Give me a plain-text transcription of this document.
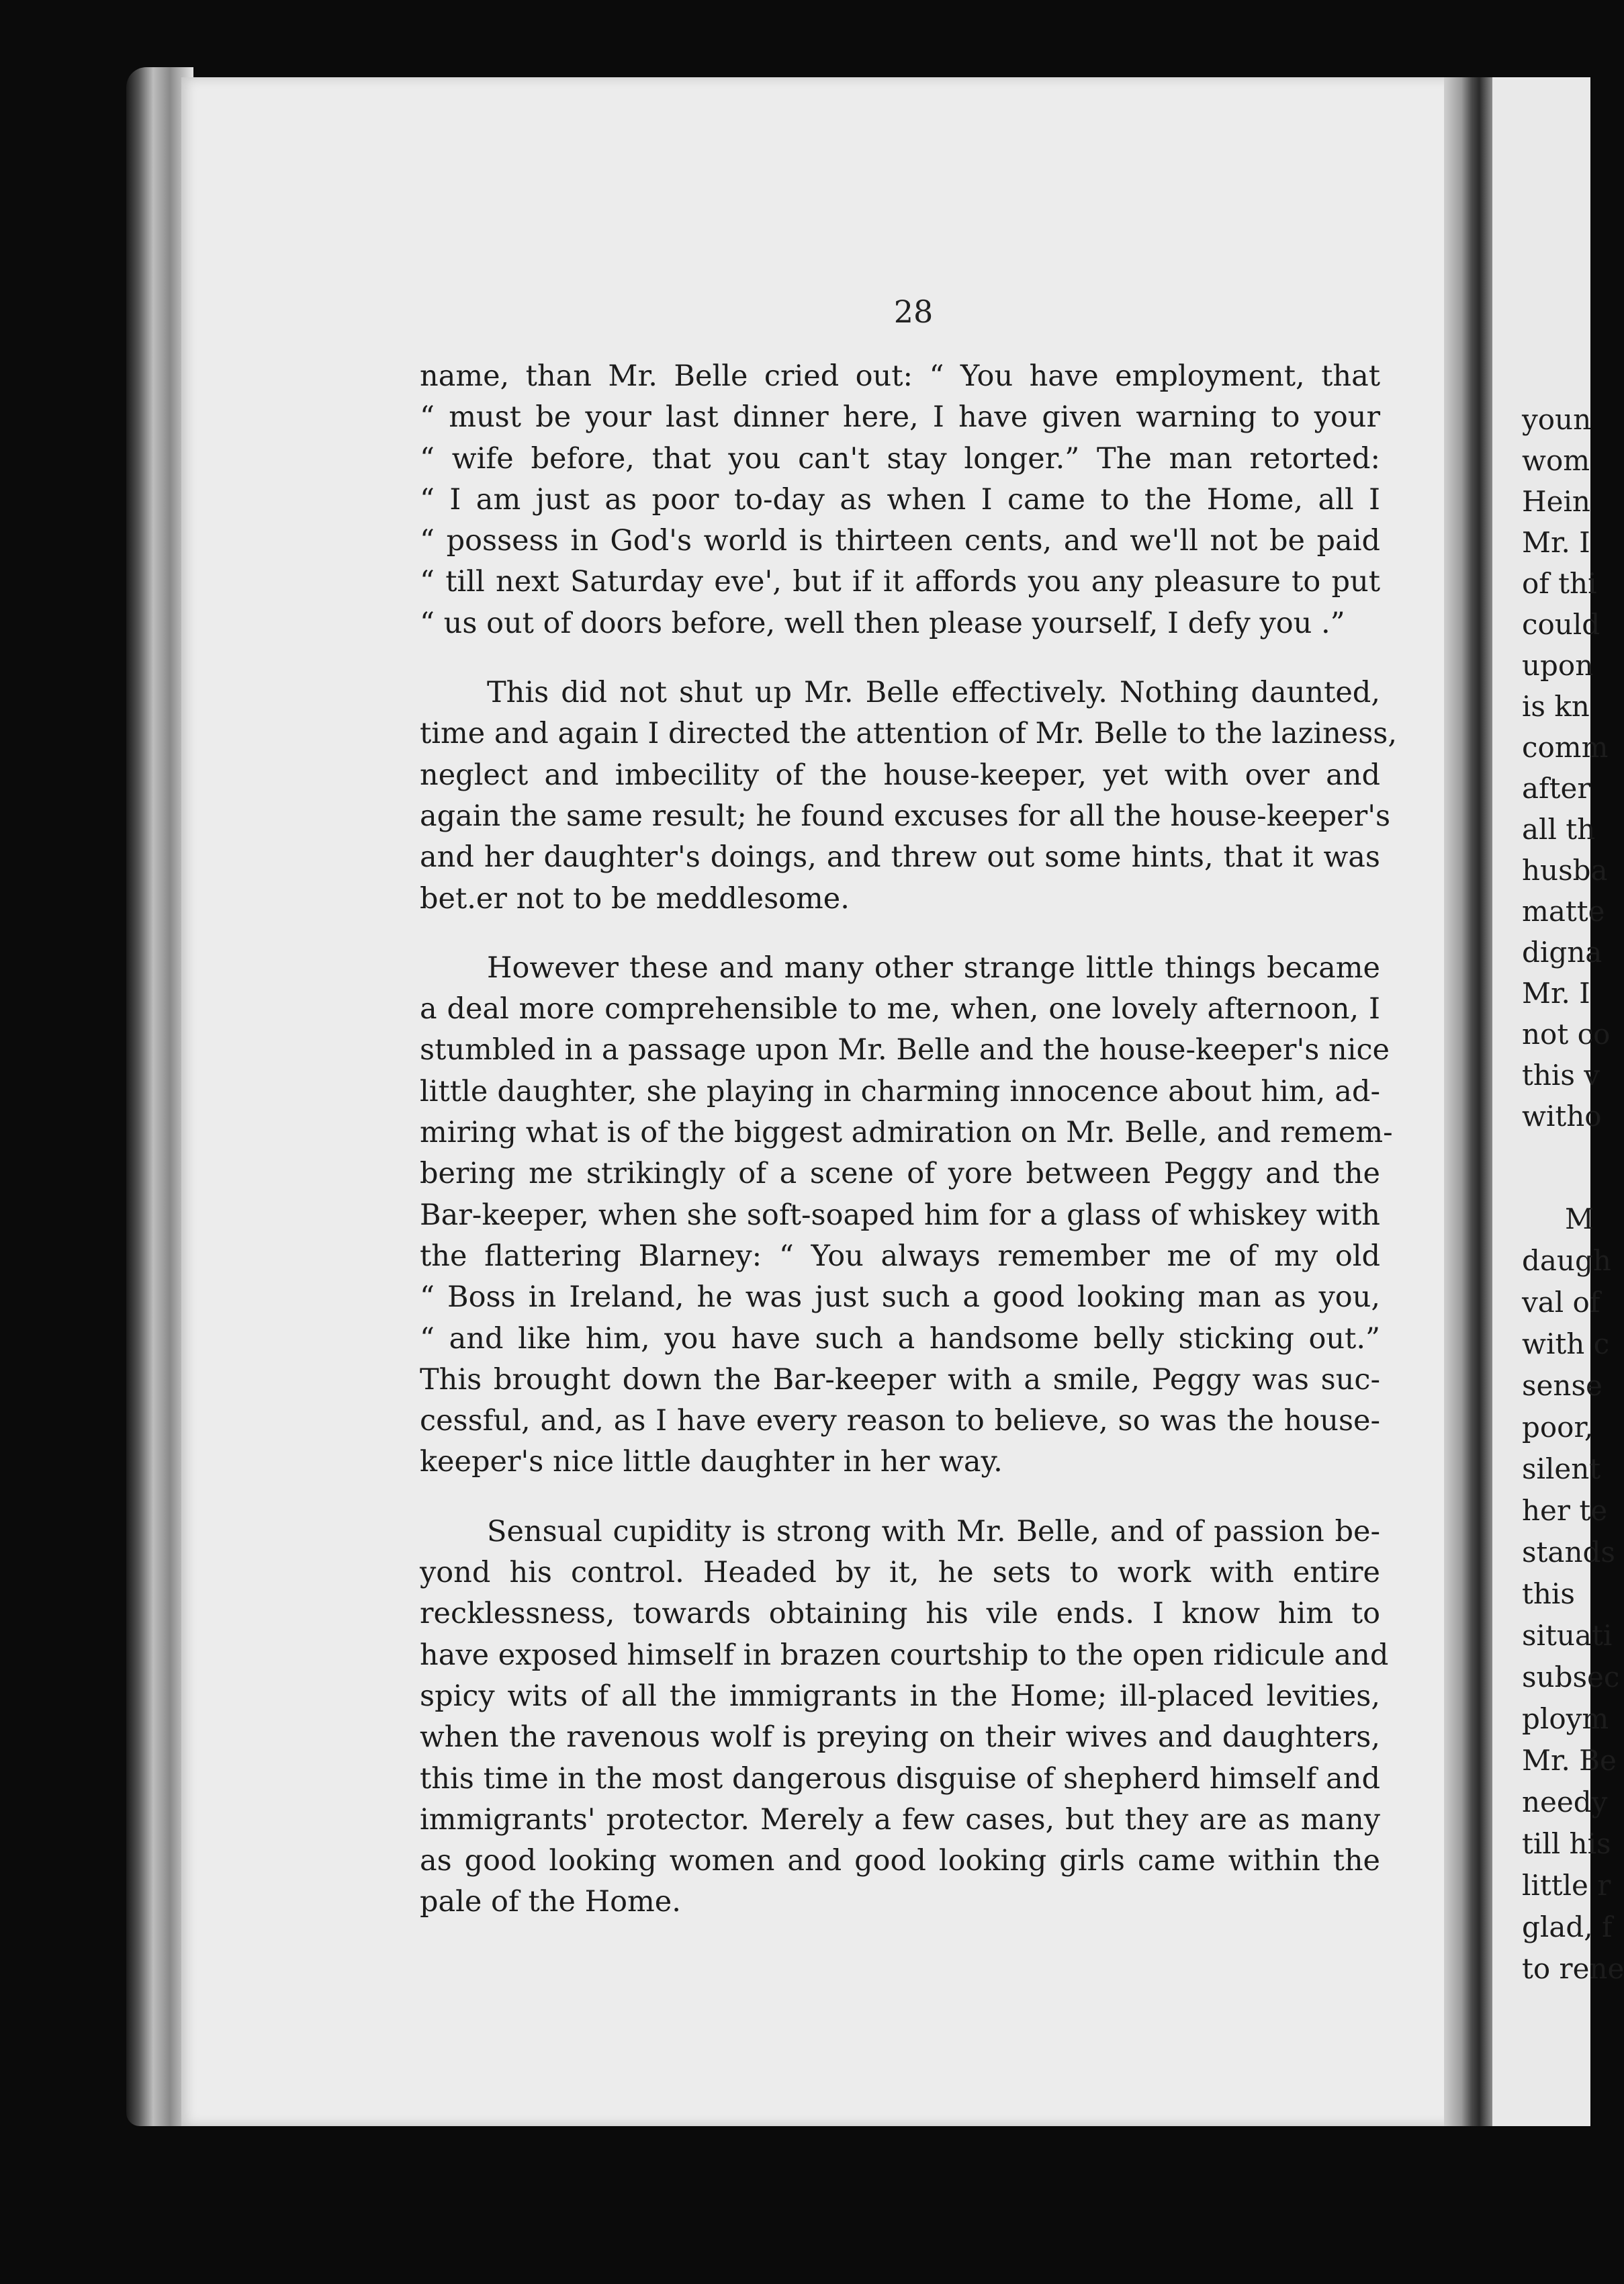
28
name, than Mr. Belle cried out: “ You have employment, that
“ must be your last dinner here, I have given warning to your
“ wife before, that you can't stay longer.” The man retorted:
“ I am just as poor to-day as when I came to the Home, all I
“ possess in God's world is thirteen cents, and we'll not be paid
“ till next Saturday eve', but if it affords you any pleasure to put
“ us out of doors before, well then please yourself, I defy you .”
This did not shut up Mr. Belle effectively. Nothing daunted,
time and again I directed the attention of Mr. Belle to the laziness,
neglect and imbecility of the house-keeper, yet with over and
again the same result; he found excuses for all the house-keeper's
and her daughter's doings, and threw out some hints, that it was
bet.er not to be meddlesome.
However these and many other strange little things became
a deal more comprehensible to me, when, one lovely afternoon, I
stumbled in a passage upon Mr. Belle and the house-keeper's nice
little daughter, she playing in charming innocence about him, ad-
miring what is of the biggest admiration on Mr. Belle, and remem-
bering me strikingly of a scene of yore between Peggy and the
Bar-keeper, when she soft-soaped him for a glass of whiskey with
the flattering Blarney: “ You always remember me of my old
“ Boss in Ireland, he was just such a good looking man as you,
“ and like him, you have such a handsome belly sticking out.”
This brought down the Bar-keeper with a smile, Peggy was suc-
cessful, and, as I have every reason to believe, so was the house-
keeper's nice little daughter in her way.
Sensual cupidity is strong with Mr. Belle, and of passion be-
yond his control. Headed by it, he sets to work with entire
recklessness, towards obtaining his vile ends. I know him to
have exposed himself in brazen courtship to the open ridicule and
spicy wits of all the immigrants in the Home; ill-placed levities,
when the ravenous wolf is preying on their wives and daughters,
this time in the most dangerous disguise of shepherd himself and
immigrants' protector. Merely a few cases, but they are as many
as good looking women and good looking girls came within the
pale of the Home.
youn
wom
Hein
Mr. I
of thi
could
upon
is kn
comm
after
all th
husba
matte
digna
Mr. I
not co
this v
witho
M
daugh
val of
with c
sense
poor,
silent
her te
stands
this
situati
subsec
ploym
Mr. Be
needy
till his
little r
glad, f
to rene
